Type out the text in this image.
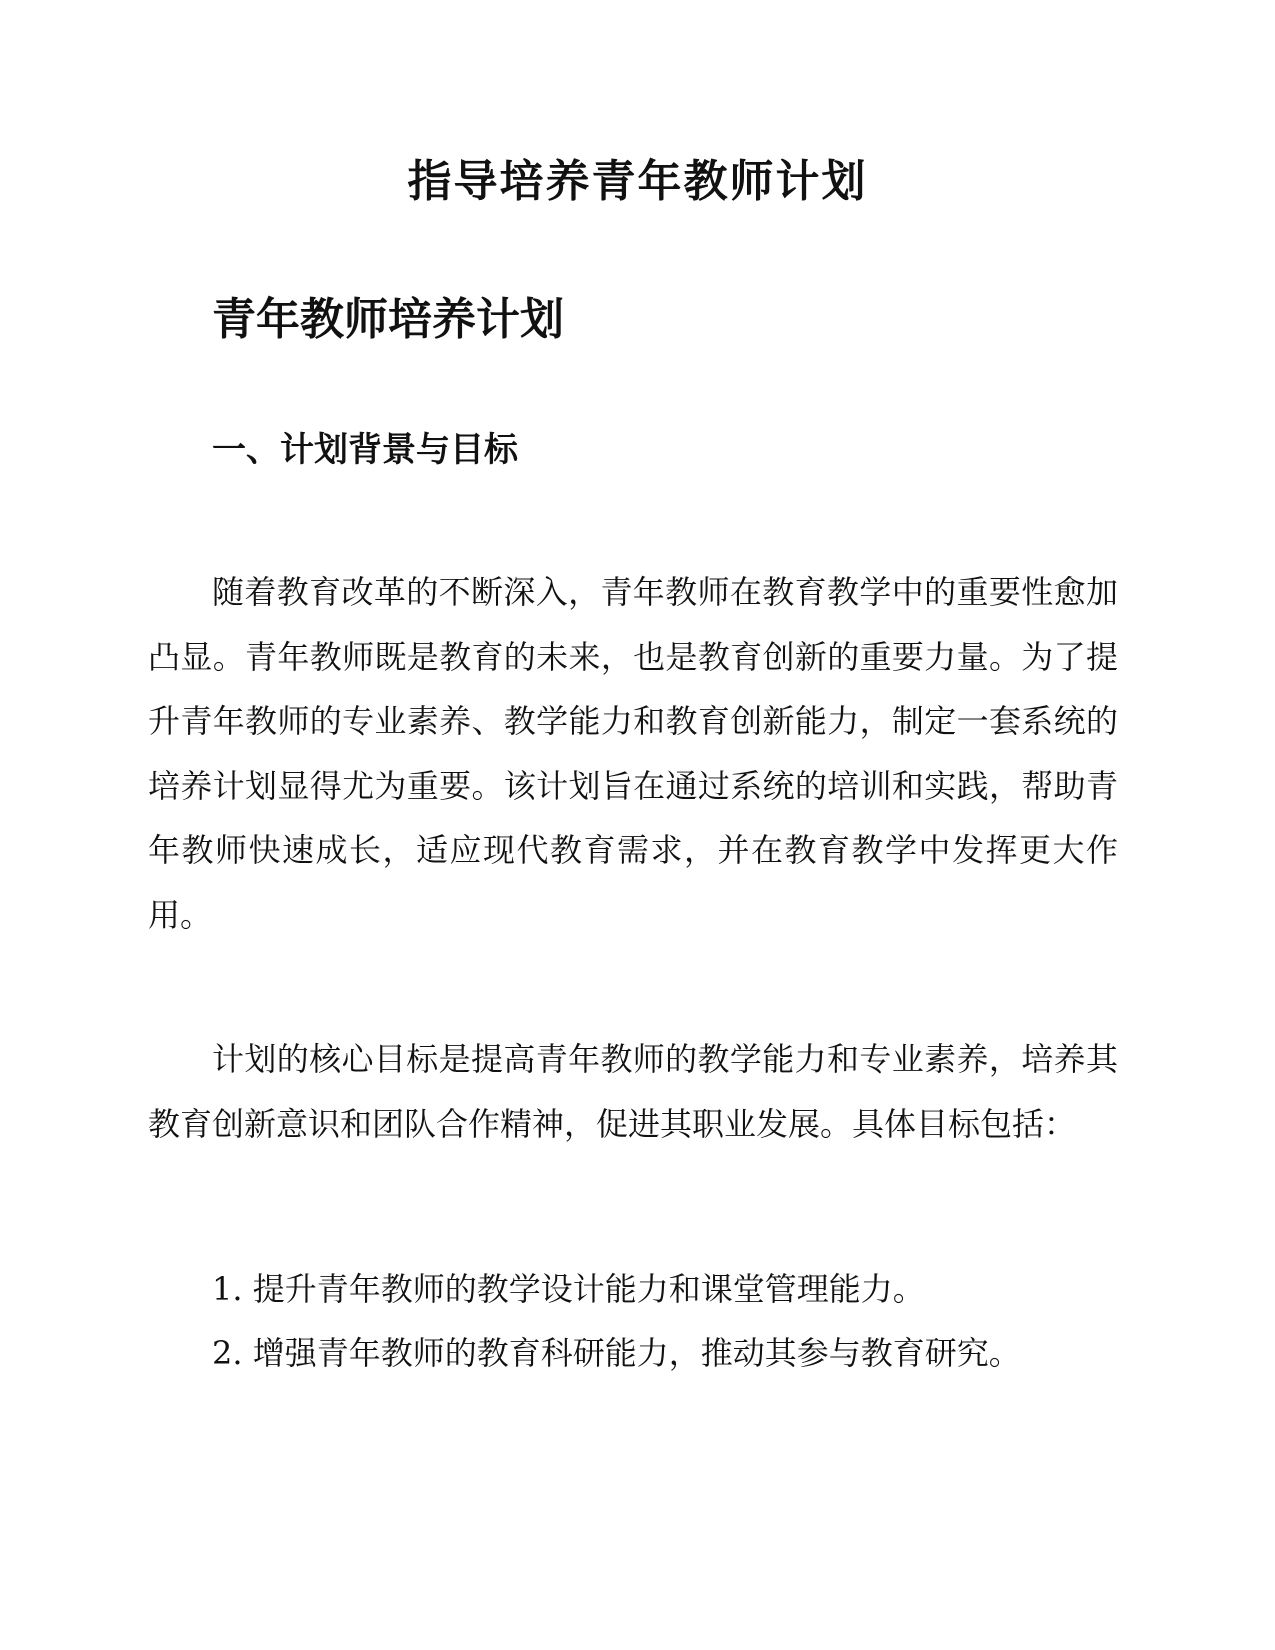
指导培养青年教师计划
青年教师培养计划
一、计划背景与目标

随着教育改革的不断深入，青年教师在教育教学中的重要性愈加凸显。青年教师既是教育的未来，也是教育创新的重要力量。为了提升青年教师的专业素养、教学能力和教育创新能力，制定一套系统的培养计划显得尤为重要。该计划旨在通过系统的培训和实践，帮助青年教师快速成长，适应现代教育需求，并在教育教学中发挥更大作用。

计划的核心目标是提高青年教师的教学能力和专业素养，培养其教育创新意识和团队合作精神，促进其职业发展。具体目标包括：

1. 提升青年教师的教学设计能力和课堂管理能力。
2. 增强青年教师的教育科研能力，推动其参与教育研究。
